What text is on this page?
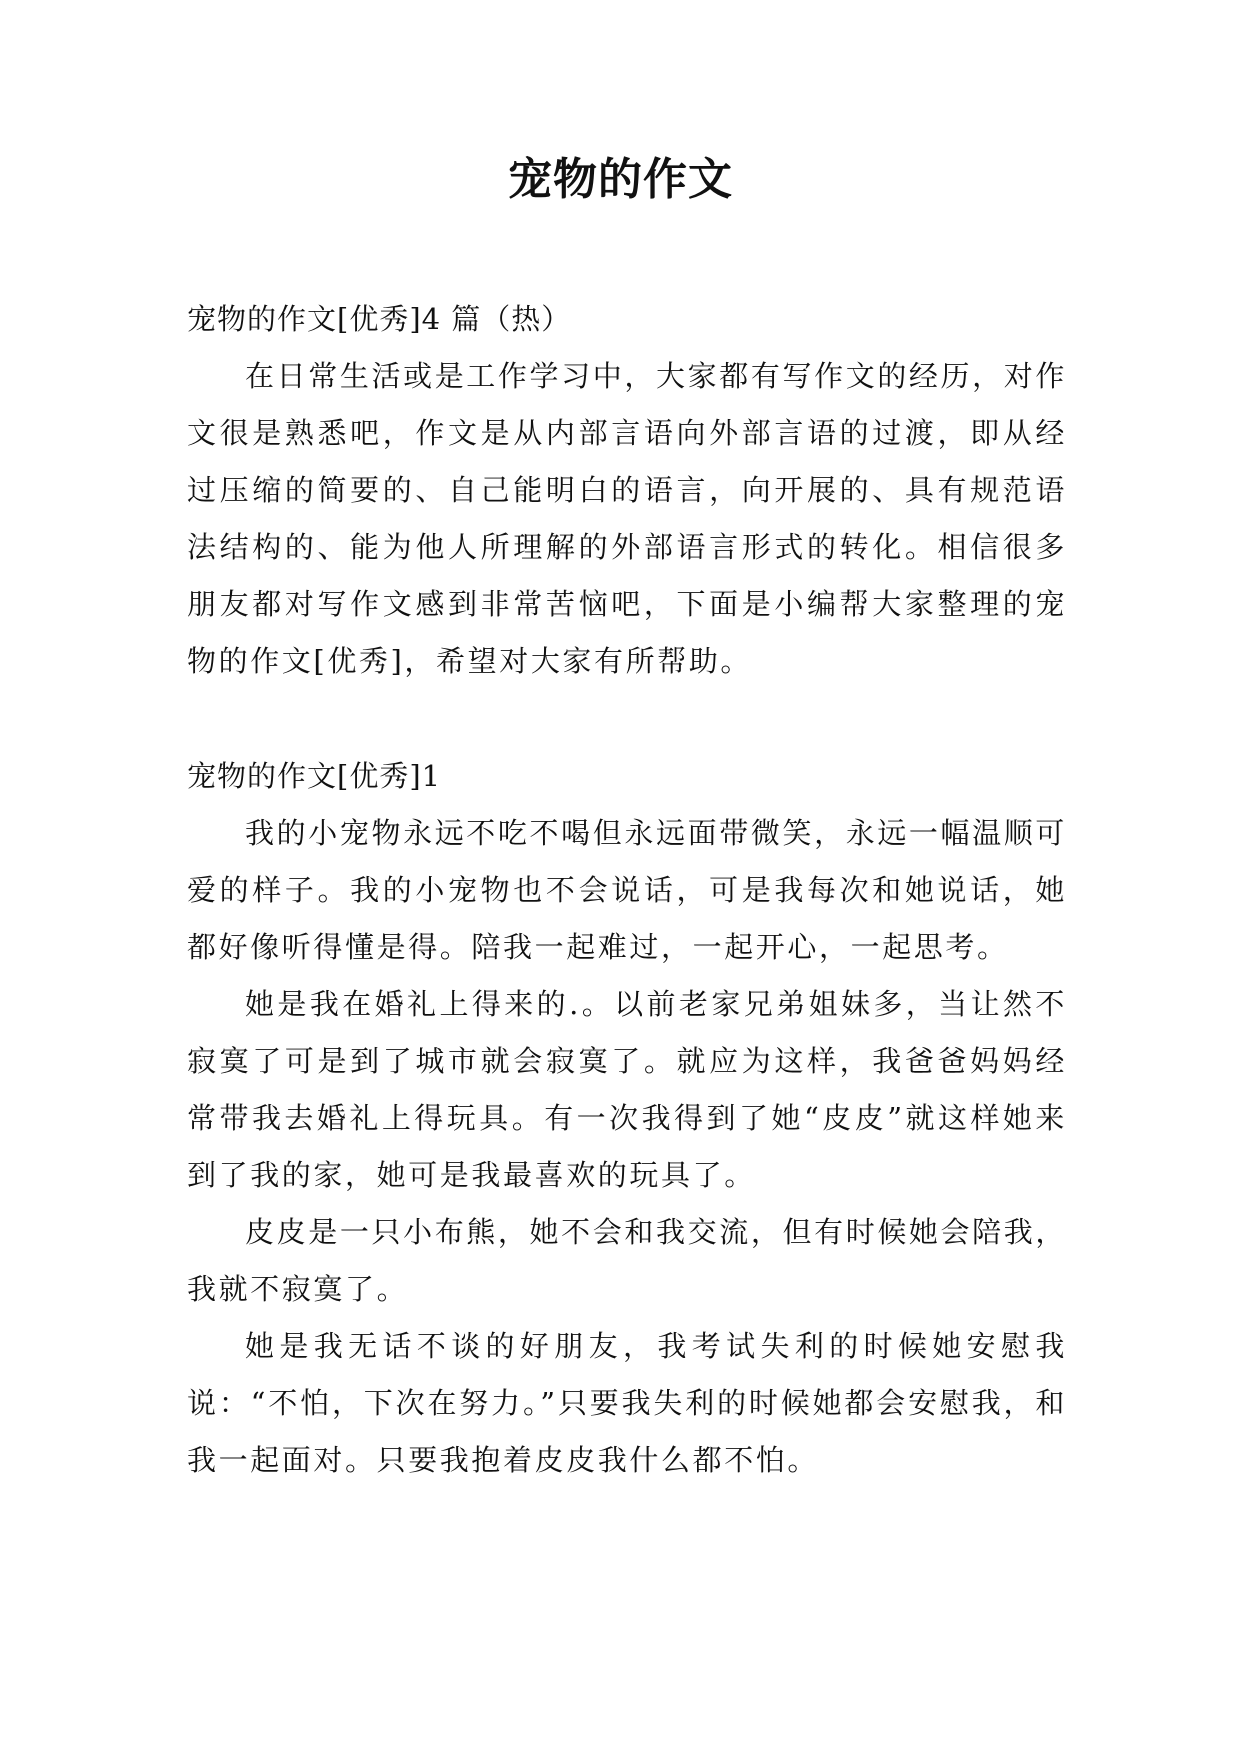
宠物的作文
宠物的作文[优秀]4 篇（热）

在日常生活或是工作学习中，大家都有写作文的经历，对作文很是熟悉吧，作文是从内部言语向外部言语的过渡，即从经过压缩的简要的、自己能明白的语言，向开展的、具有规范语法结构的、能为他人所理解的外部语言形式的转化。相信很多朋友都对写作文感到非常苦恼吧，下面是小编帮大家整理的宠物的作文[优秀]，希望对大家有所帮助。

宠物的作文[优秀]1

我的小宠物永远不吃不喝但永远面带微笑，永远一幅温顺可爱的样子。我的小宠物也不会说话，可是我每次和她说话，她都好像听得懂是得。陪我一起难过，一起开心，一起思考。

她是我在婚礼上得来的.。以前老家兄弟姐妹多，当让然不寂寞了可是到了城市就会寂寞了。就应为这样，我爸爸妈妈经常带我去婚礼上得玩具。有一次我得到了她“皮皮”就这样她来到了我的家，她可是我最喜欢的玩具了。

皮皮是一只小布熊，她不会和我交流，但有时候她会陪我，我就不寂寞了。

她是我无话不谈的好朋友，我考试失利的时候她安慰我说：“不怕，下次在努力。”只要我失利的时候她都会安慰我，和我一起面对。只要我抱着皮皮我什么都不怕。
